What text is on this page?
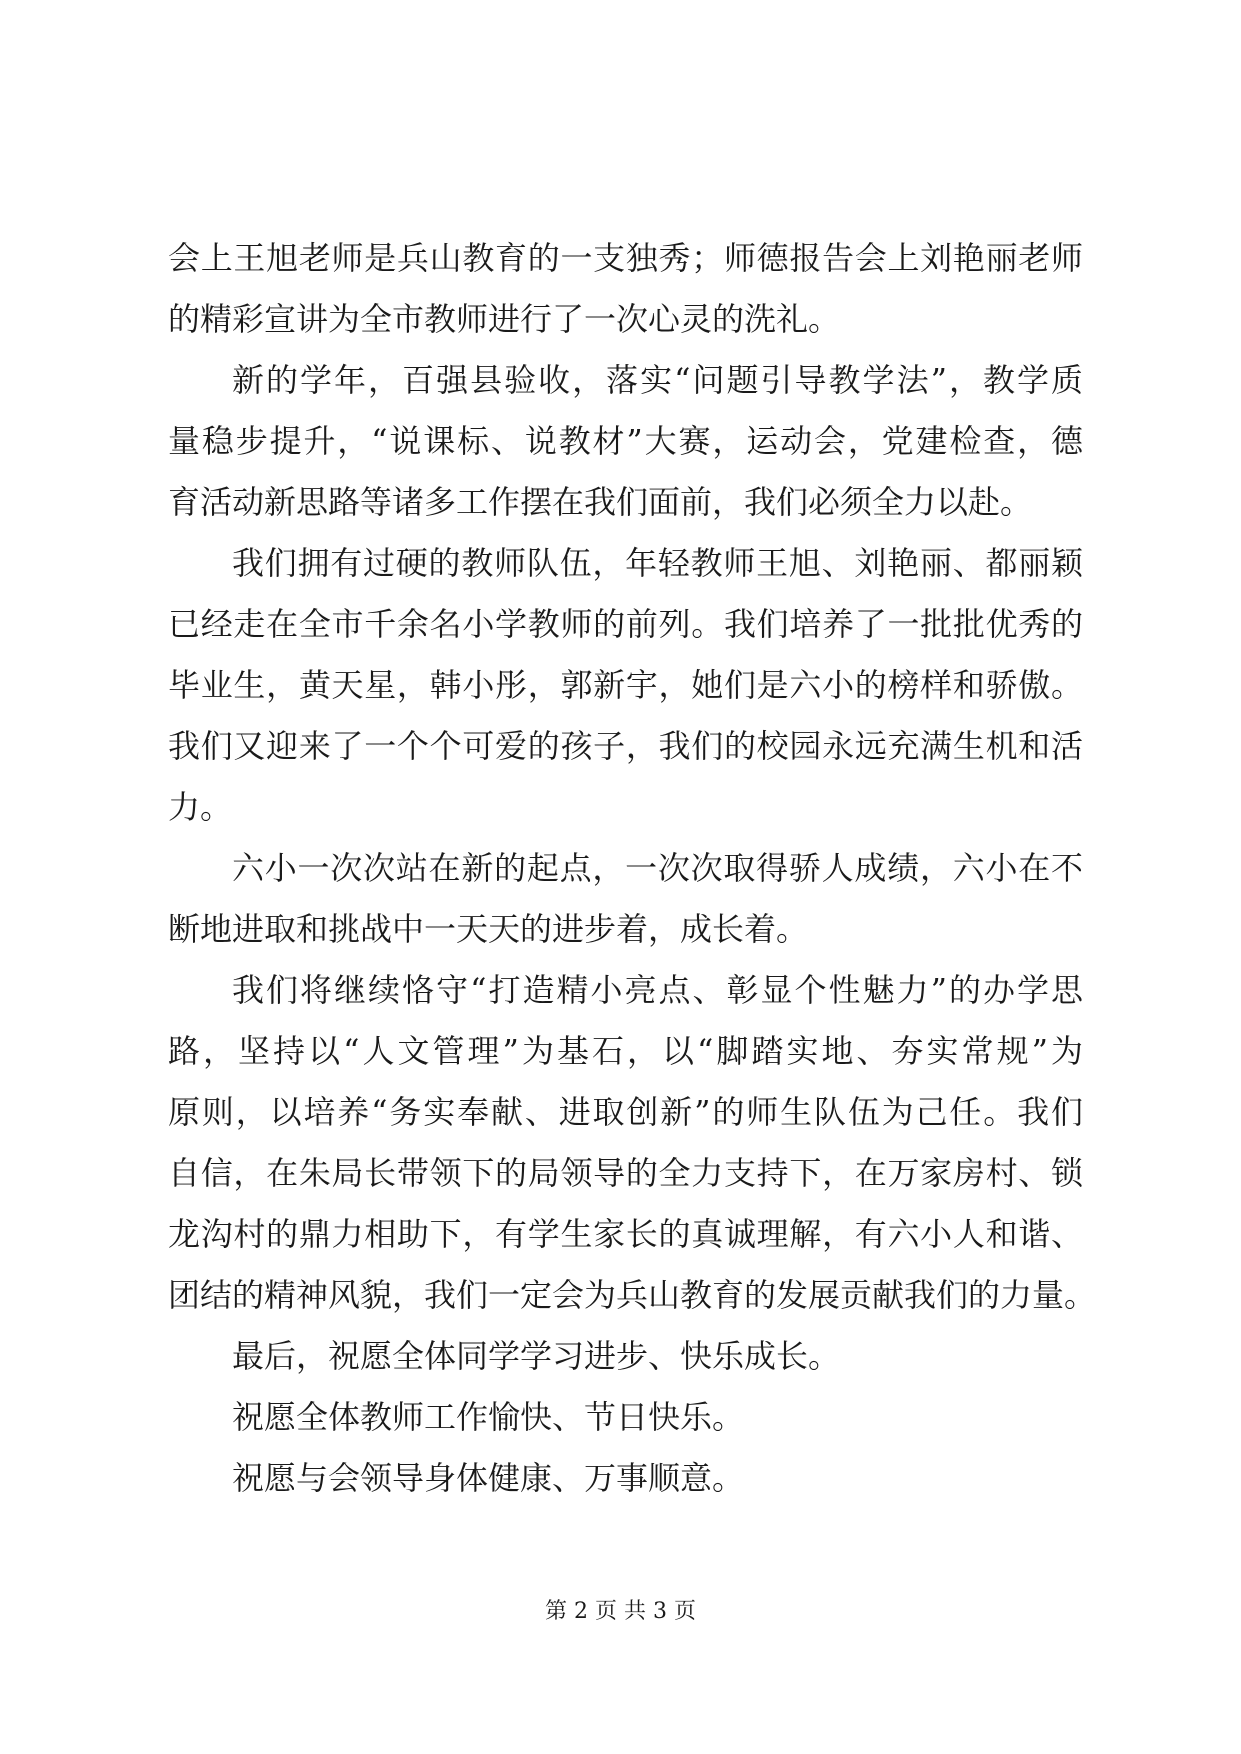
会上王旭老师是兵山教育的一支独秀；师德报告会上刘艳丽老师
的精彩宣讲为全市教师进行了一次心灵的洗礼。
新的学年，百强县验收，落实“问题引导教学法”，教学质
量稳步提升，“说课标、说教材”大赛，运动会，党建检查，德
育活动新思路等诸多工作摆在我们面前，我们必须全力以赴。
我们拥有过硬的教师队伍，年轻教师王旭、刘艳丽、都丽颖
已经走在全市千余名小学教师的前列。我们培养了一批批优秀的
毕业生，黄天星，韩小彤，郭新宇，她们是六小的榜样和骄傲。
我们又迎来了一个个可爱的孩子，我们的校园永远充满生机和活
力。
六小一次次站在新的起点，一次次取得骄人成绩，六小在不
断地进取和挑战中一天天的进步着，成长着。
我们将继续恪守“打造精小亮点、彰显个性魅力”的办学思
路，坚持以“人文管理”为基石，以“脚踏实地、夯实常规”为
原则，以培养“务实奉献、进取创新”的师生队伍为己任。我们
自信，在朱局长带领下的局领导的全力支持下，在万家房村、锁
龙沟村的鼎力相助下，有学生家长的真诚理解，有六小人和谐、
团结的精神风貌，我们一定会为兵山教育的发展贡献我们的力量。
最后，祝愿全体同学学习进步、快乐成长。
祝愿全体教师工作愉快、节日快乐。
祝愿与会领导身体健康、万事顺意。
第 2 页 共 3 页
